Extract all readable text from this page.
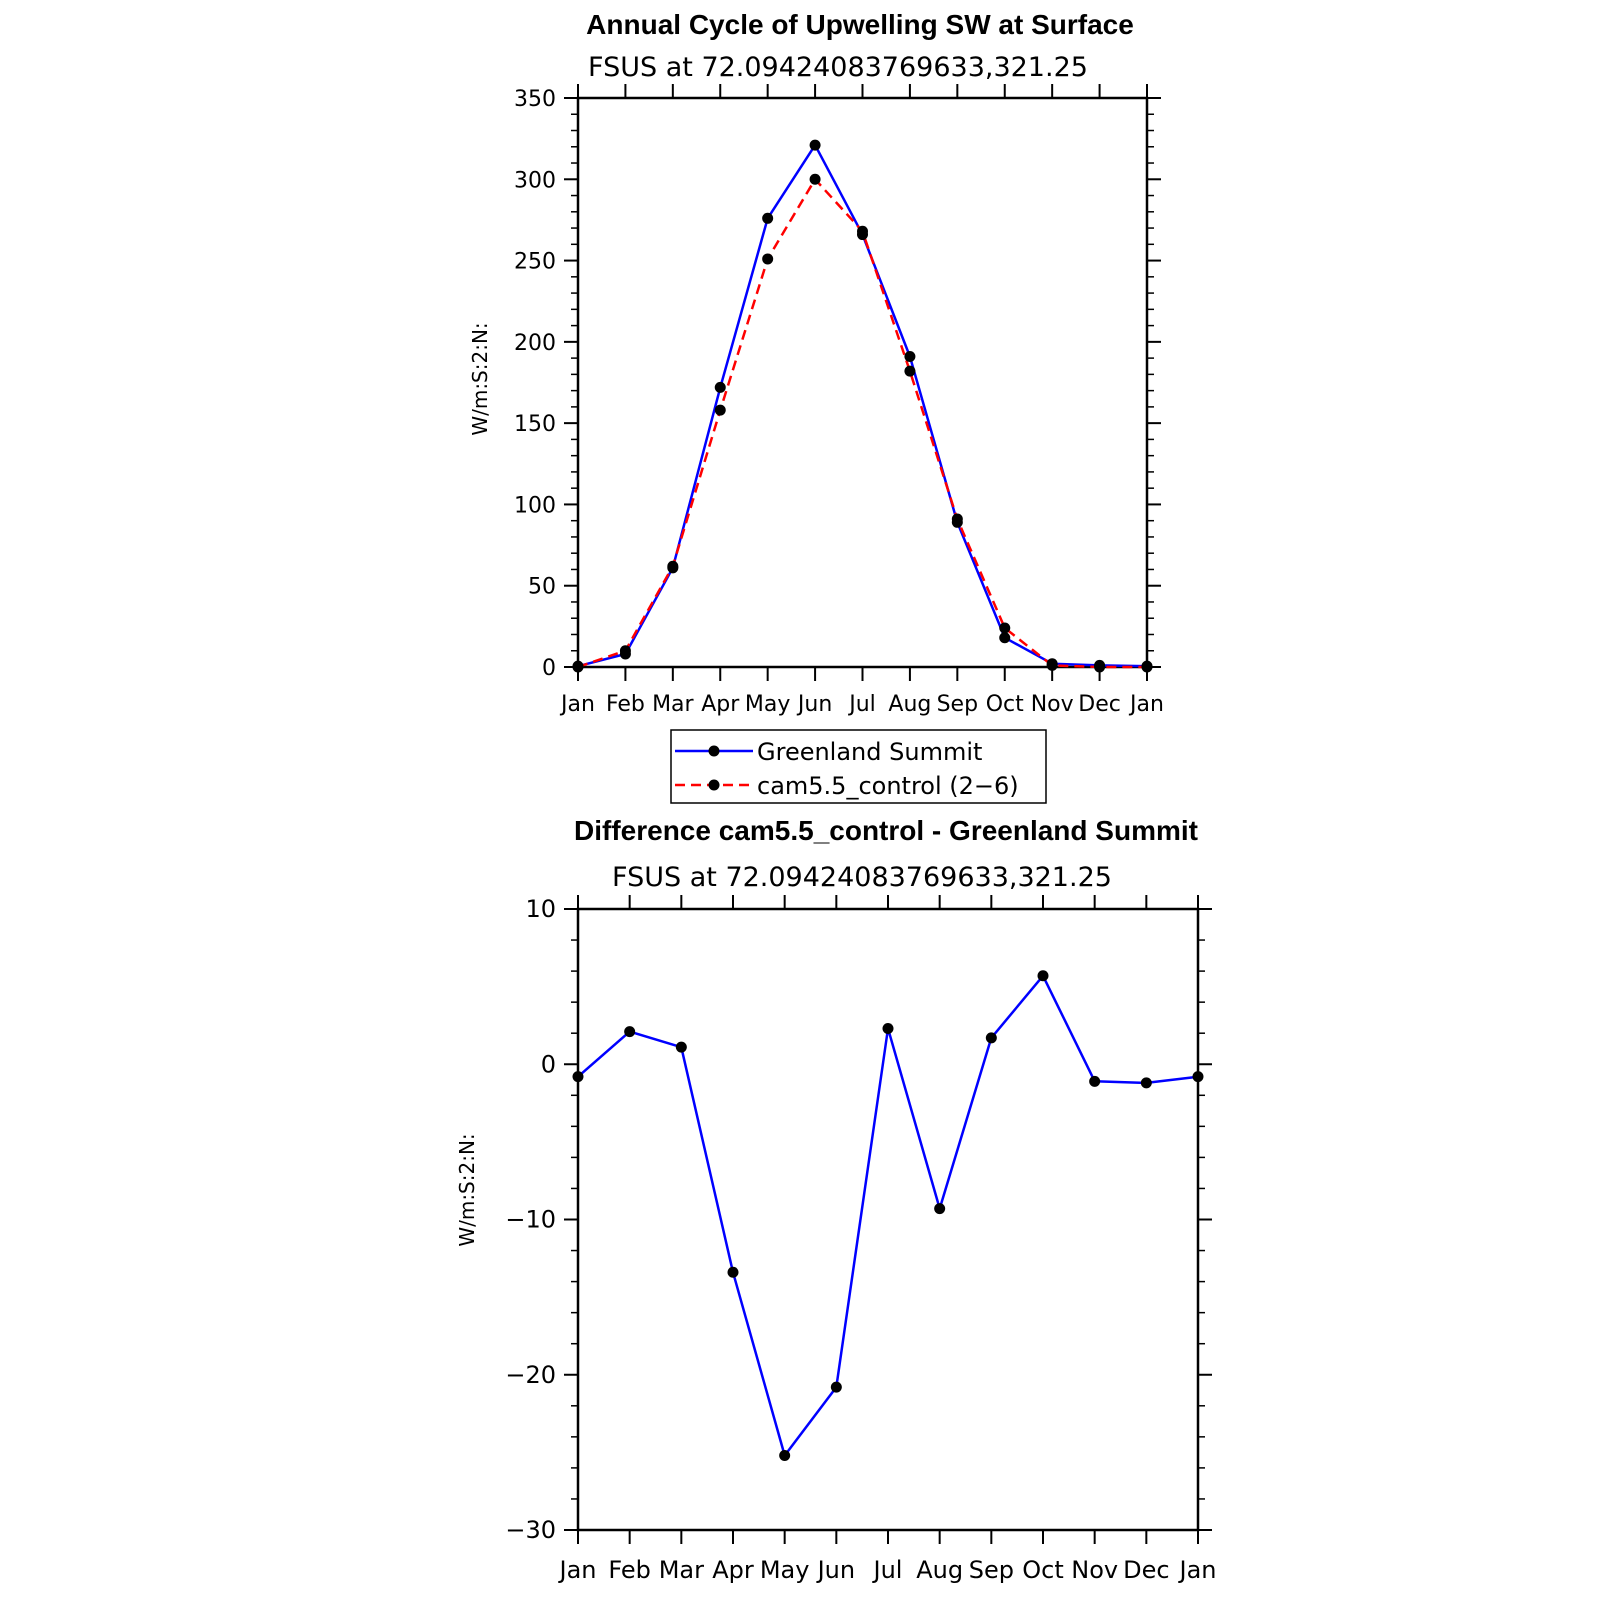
Annual Cycle of Upwelling SW at Surface
FSUS at 72.09424083769633,321.25
W/m:S:2:N:
0
50
100
150
200
250
300
350
Jan Feb Mar Apr May Jun Jul Aug Sep Oct Nov Dec Jan
Greenland Summit
cam5.5_control (2−6)
Difference cam5.5_control - Greenland Summit
FSUS at 72.09424083769633,321.25
W/m:S:2:N:
−30
−20
−10
0
10
Jan Feb Mar Apr May Jun Jul Aug Sep Oct Nov Dec Jan
